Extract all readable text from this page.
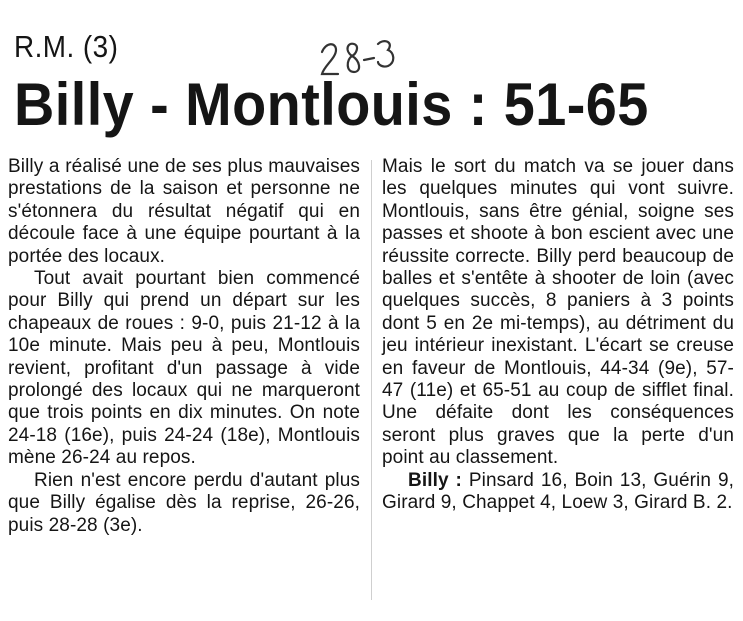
R.M. (3)
Billy - Montlouis : 51-65

Billy a réalisé une de ses plus mauvaises prestations de la saison et personne ne s'étonnera du résultat négatif qui en découle face à une équipe pourtant à la portée des locaux.

Tout avait pourtant bien commencé pour Billy qui prend un départ sur les chapeaux de roues : 9-0, puis 21-12 à la 10e minute. Mais peu à peu, Montlouis revient, profitant d'un passage à vide prolongé des locaux qui ne marqueront que trois points en dix minutes. On note 24-18 (16e), puis 24-24 (18e), Montlouis mène 26-24 au repos.

Rien n'est encore perdu d'autant plus que Billy égalise dès la reprise, 26-26, puis 28-28 (3e).

Mais le sort du match va se jouer dans les quelques minutes qui vont suivre. Montlouis, sans être génial, soigne ses passes et shoote à bon escient avec une réussite correcte. Billy perd beaucoup de balles et s'entête à shooter de loin (avec quelques succès, 8 paniers à 3 points dont 5 en 2e mi-temps), au détriment du jeu intérieur inexistant. L'écart se creuse en faveur de Montlouis, 44-34 (9e), 57-47 (11e) et 65-51 au coup de sifflet final. Une défaite dont les conséquences seront plus graves que la perte d'un point au classement.

Billy : Pinsard 16, Boin 13, Guérin 9, Girard 9, Chappet 4, Loew 3, Girard B. 2.
